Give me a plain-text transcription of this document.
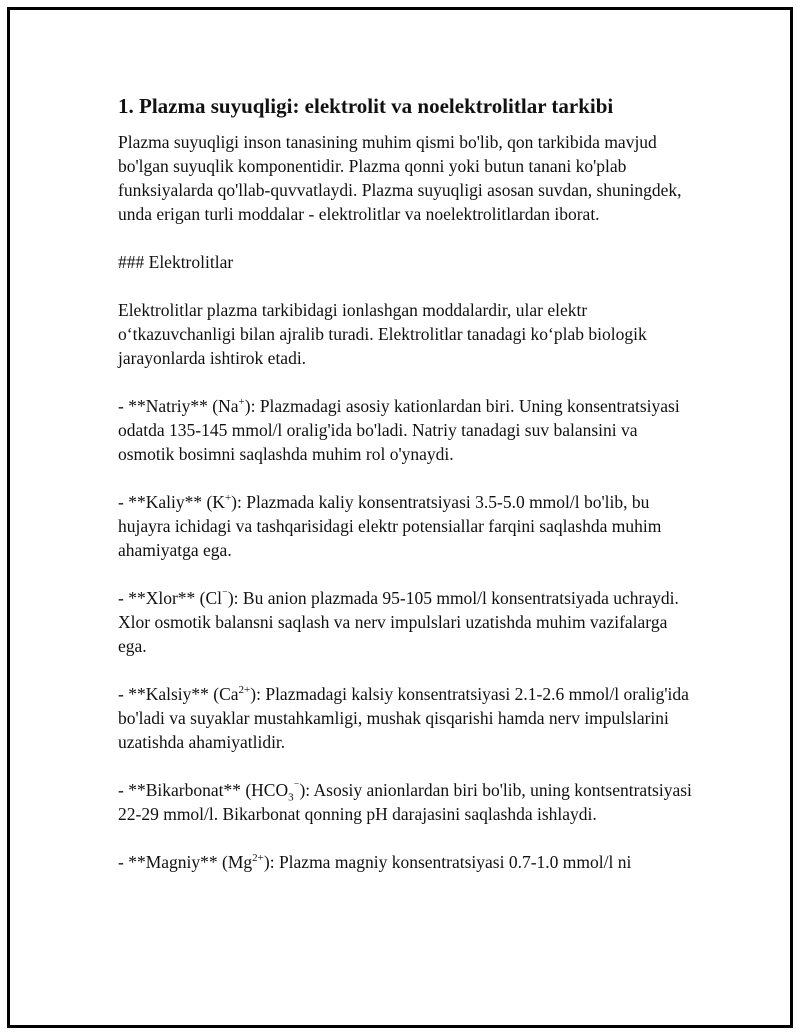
1. Plazma suyuqligi: elektrolit va noelektrolitlar tarkibi

Plazma suyuqligi inson tanasining muhim qismi bo'lib, qon tarkibida mavjud bo'lgan suyuqlik komponentidir. Plazma qonni yoki butun tanani ko'plab funksiyalarda qo'llab-quvvatlaydi. Plazma suyuqligi asosan suvdan, shuningdek, unda erigan turli moddalar - elektrolitlar va noelektrolitlardan iborat.

### Elektrolitlar

Elektrolitlar plazma tarkibidagi ionlashgan moddalardir, ular elektr o‘tkazuvchanligi bilan ajralib turadi. Elektrolitlar tanadagi ko‘plab biologik jarayonlarda ishtirok etadi.

- **Natriy** (Na+): Plazmadagi asosiy kationlardan biri. Uning konsentratsiyasi odatda 135-145 mmol/l oralig'ida bo'ladi. Natriy tanadagi suv balansini va osmotik bosimni saqlashda muhim rol o'ynaydi.

- **Kaliy** (K+): Plazmada kaliy konsentratsiyasi 3.5-5.0 mmol/l bo'lib, bu hujayra ichidagi va tashqarisidagi elektr potensiallar farqini saqlashda muhim ahamiyatga ega.

- **Xlor** (Cl⁻): Bu anion plazmada 95-105 mmol/l konsentratsiyada uchraydi. Xlor osmotik balansni saqlash va nerv impulslari uzatishda muhim vazifalarga ega.

- **Kalsiy** $(Ca^{2+})$: Plazmadagi kalsiy konsentratsiyasi 2.1-2.6 mmol/l oralig'ida bo'ladi va suyaklar mustahkamligi, mushak qisqarishi hamda nerv impulslarini uzatishda ahamiyatlidir.

- **Bikarbonat** $(HCO_3^{^-})$: Asosiy anionlardan biri bo'lib, uning kontsentratsiyasi 22-29 mmol/l. Bikarbonat qonning pH darajasini saqlashda ishlaydi.

- **Magniy** $(Mg^{2+})$: Plazma magniy konsentratsiyasi 0.7-1.0 mmol/l ni
